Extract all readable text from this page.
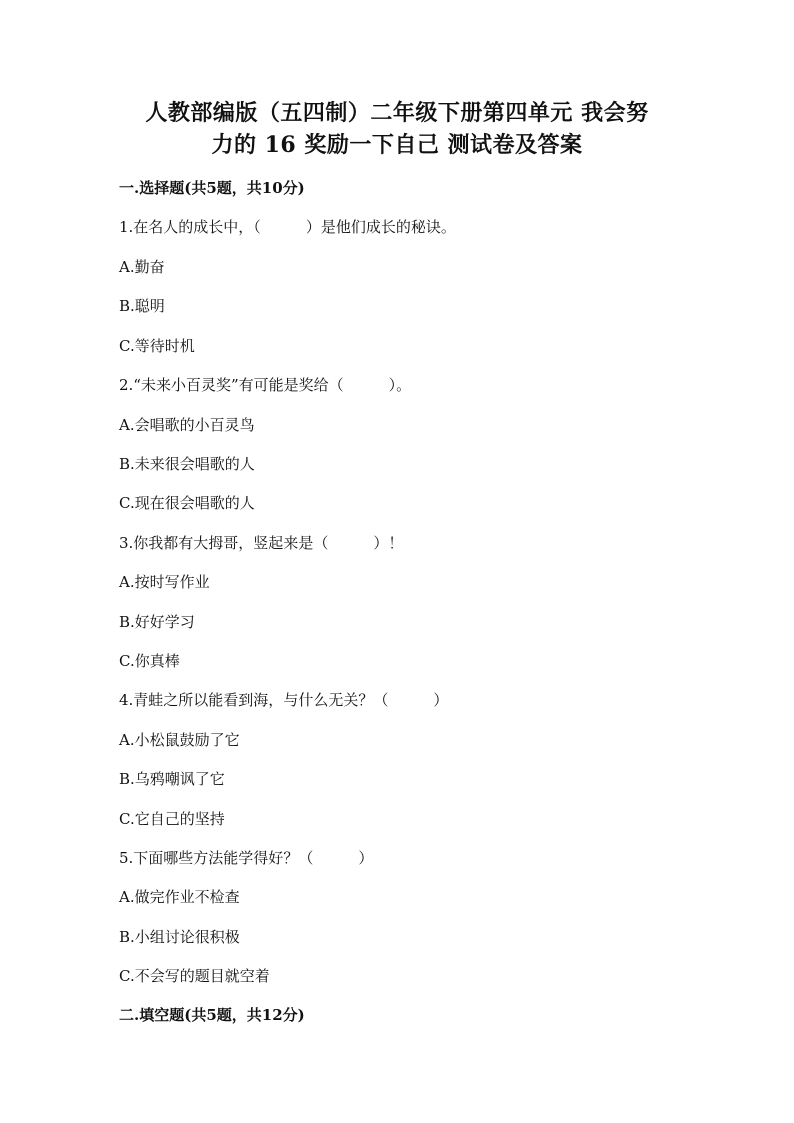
人教部编版（五四制）二年级下册第四单元 我会努
力的 16 奖励一下自己 测试卷及答案
一.选择题(共5题，共10分)
1.在名人的成长中，（　　　）是他们成长的秘诀。
A.勤奋
B.聪明
C.等待时机
2.“未来小百灵奖”有可能是奖给（　　　）。
A.会唱歌的小百灵鸟
B.未来很会唱歌的人
C.现在很会唱歌的人
3.你我都有大拇哥，竖起来是（　　　）！
A.按时写作业
B.好好学习
C.你真棒
4.青蛙之所以能看到海，与什么无关？（　　　）
A.小松鼠鼓励了它
B.乌鸦嘲讽了它
C.它自己的坚持
5.下面哪些方法能学得好？（　　　）
A.做完作业不检查
B.小组讨论很积极
C.不会写的题目就空着
二.填空题(共5题，共12分)
